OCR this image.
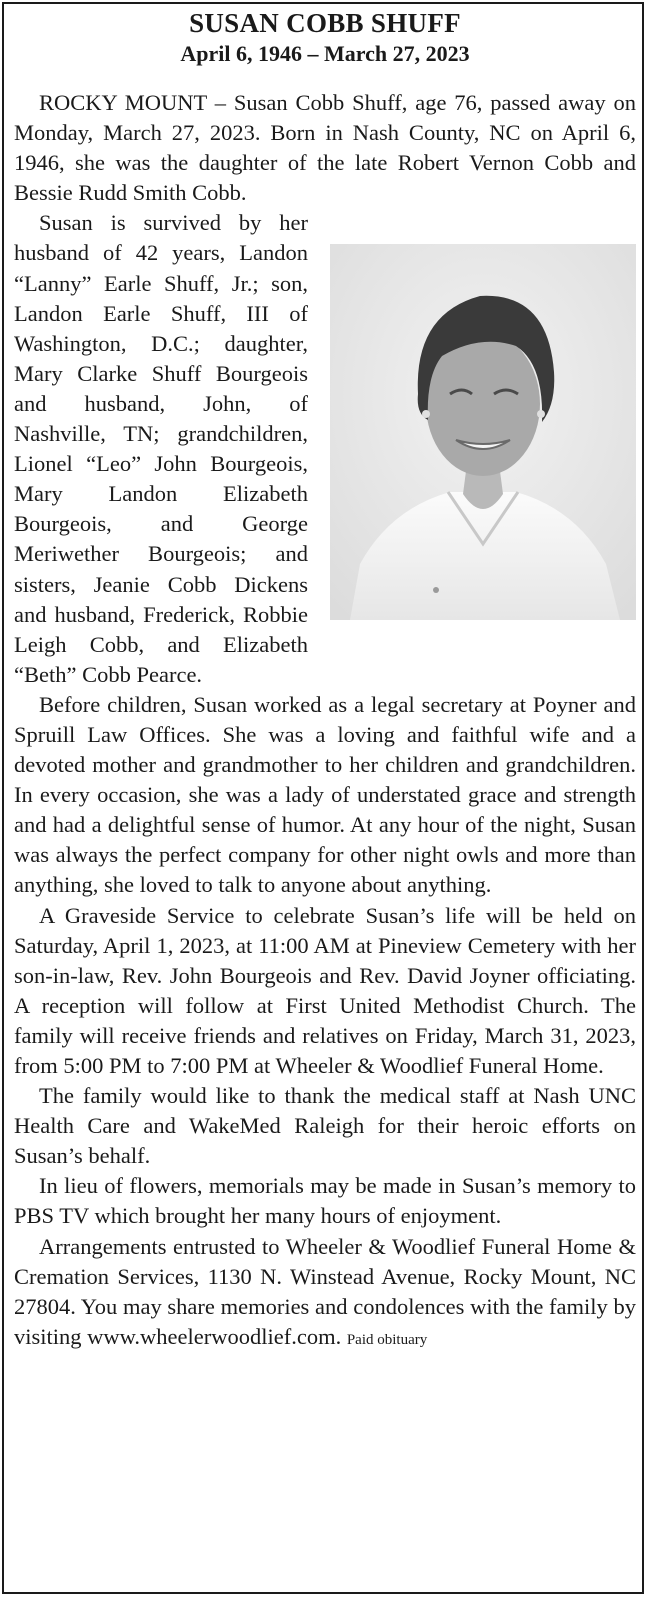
SUSAN COBB SHUFF
April 6, 1946 – March 27, 2023

ROCKY MOUNT – Susan Cobb Shuff, age 76, passed away on Monday, March 27, 2023. Born in Nash County, NC on April 6, 1946, she was the daughter of the late Robert Vernon Cobb and Bessie Rudd Smith Cobb.

Susan is survived by her husband of 42 years, Landon “Lanny” Earle Shuff, Jr.; son, Landon Earle Shuff, III of Washington, D.C.; daughter, Mary Clarke Shuff Bourgeois and husband, John, of Nashville, TN; grandchildren, Lionel “Leo” John Bourgeois, Mary Landon Elizabeth Bourgeois, and George Meriwether Bourgeois; and sisters, Jeanie Cobb Dickens and husband, Frederick, Robbie Leigh Cobb, and Elizabeth “Beth” Cobb Pearce.

Before children, Susan worked as a legal secretary at Poyner and Spruill Law Offices. She was a loving and faithful wife and a devoted mother and grandmother to her children and grandchildren. In every occasion, she was a lady of understated grace and strength and had a delightful sense of humor. At any hour of the night, Susan was always the perfect company for other night owls and more than anything, she loved to talk to anyone about anything.

A Graveside Service to celebrate Susan’s life will be held on Saturday, April 1, 2023, at 11:00 AM at Pineview Cemetery with her son-in-law, Rev. John Bourgeois and Rev. David Joyner officiating. A reception will follow at First United Methodist Church. The family will receive friends and relatives on Friday, March 31, 2023, from 5:00 PM to 7:00 PM at Wheeler & Woodlief Funeral Home.

The family would like to thank the medical staff at Nash UNC Health Care and WakeMed Raleigh for their heroic efforts on Susan’s behalf.

In lieu of flowers, memorials may be made in Susan’s memory to PBS TV which brought her many hours of enjoyment.

Arrangements entrusted to Wheeler & Woodlief Funeral Home & Cremation Services, 1130 N. Winstead Avenue, Rocky Mount, NC 27804. You may share memories and condolences with the family by visiting www.wheelerwoodlief.com. Paid obituary
